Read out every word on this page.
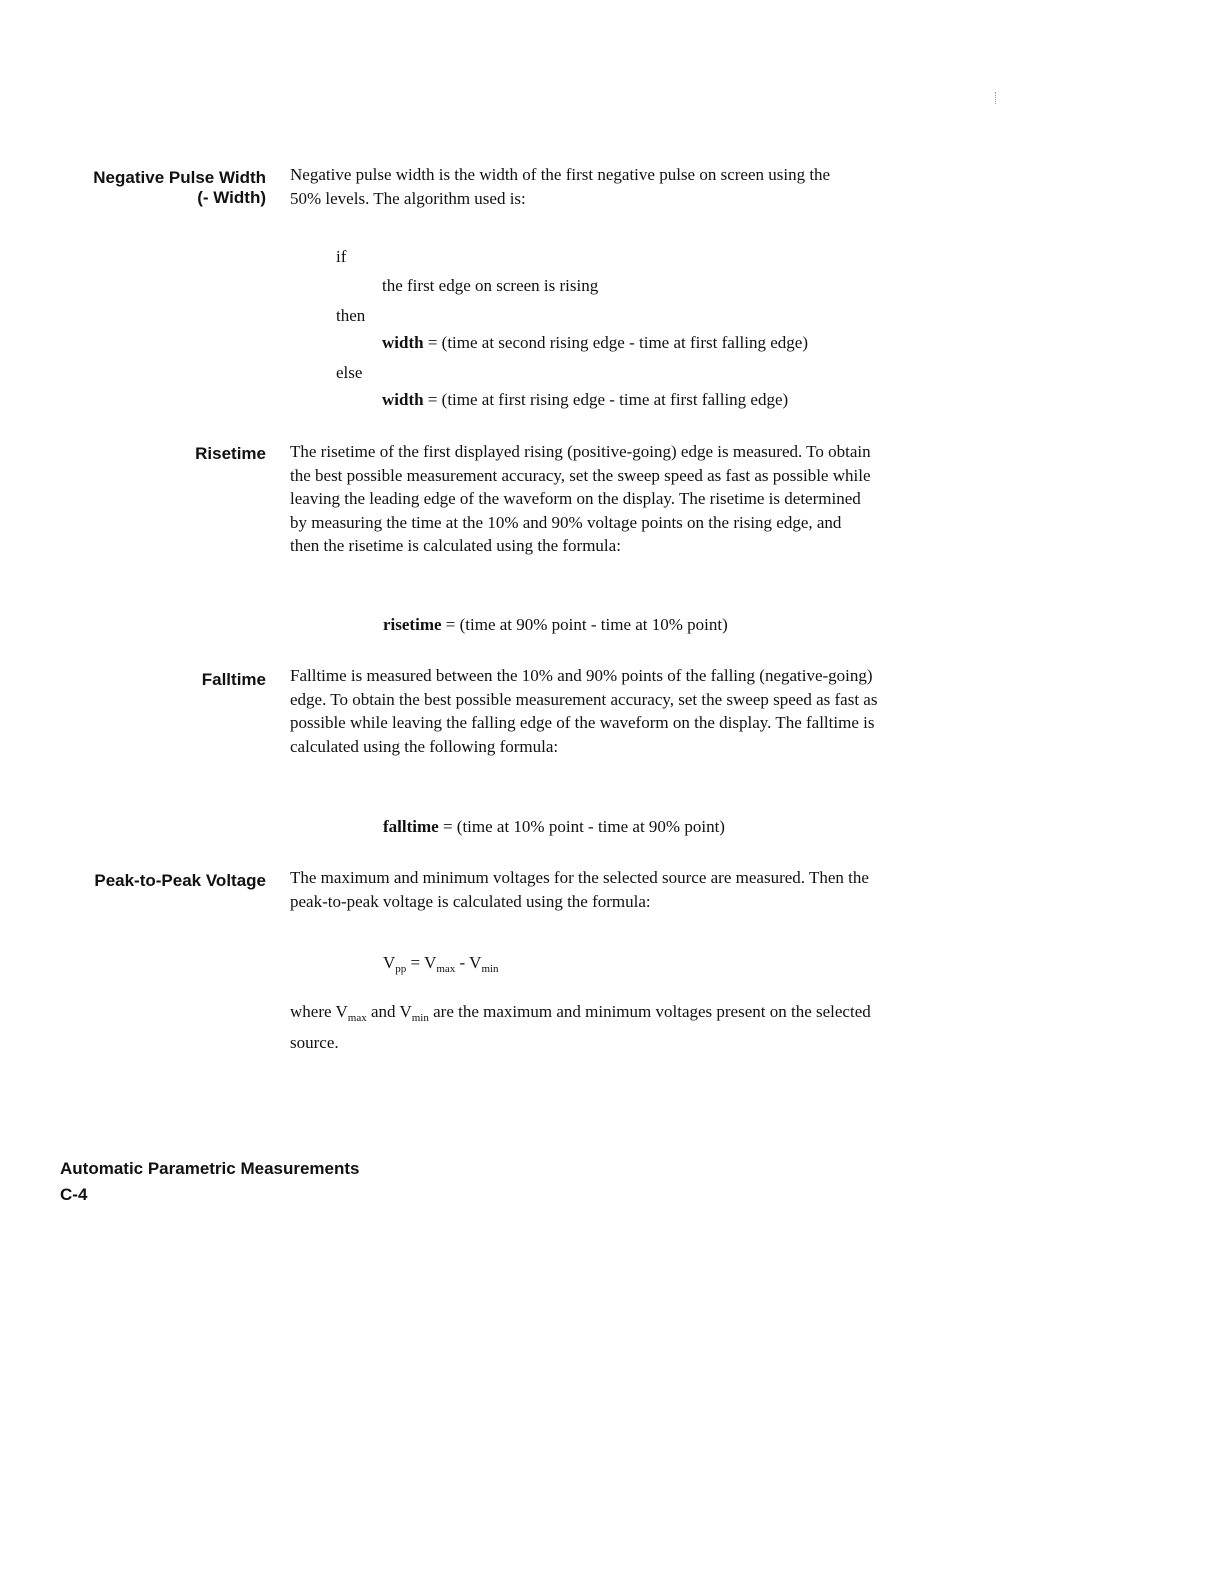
Negative Pulse Width
(- Width)
Negative pulse width is the width of the first negative pulse on screen using the 50% levels. The algorithm used is:
if
the first edge on screen is rising
then
width = (time at second rising edge - time at first falling edge)
else
width = (time at first rising edge - time at first falling edge)
Risetime The risetime of the first displayed rising (positive-going) edge is measured. To obtain the best possible measurement accuracy, set the sweep speed as fast as possible while leaving the leading edge of the waveform on the display. The risetime is determined by measuring the time at the 10% and 90% voltage points on the rising edge, and then the risetime is calculated using the formula:
risetime = (time at 90% point - time at 10% point)
Falltime Falltime is measured between the 10% and 90% points of the falling (negative-going) edge. To obtain the best possible measurement accuracy, set the sweep speed as fast as possible while leaving the falling edge of the waveform on the display. The falltime is calculated using the following formula:
falltime = (time at 10% point - time at 90% point)
Peak-to-Peak Voltage The maximum and minimum voltages for the selected source are measured. Then the peak-to-peak voltage is calculated using the formula:
$V_{pp} = V_{max} - V_{min}$
where $V_{max}$ and $V_{min}$ are the maximum and minimum voltages present on the selected source.
Automatic Parametric Measurements
C-4
